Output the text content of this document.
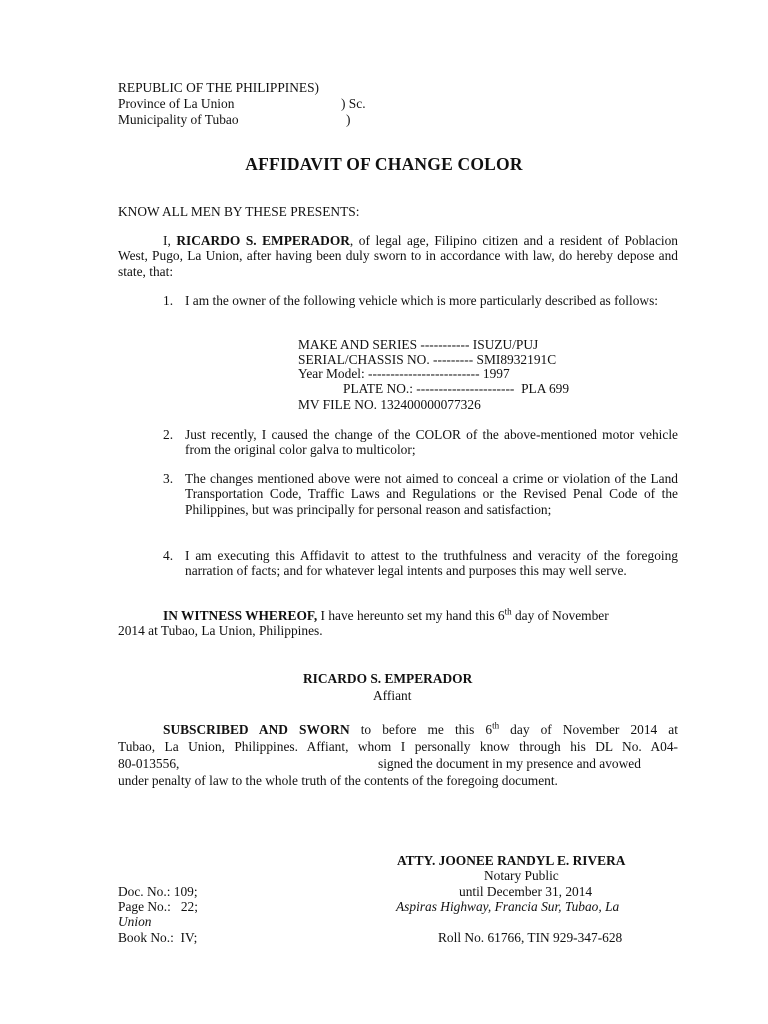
REPUBLIC OF THE PHILIPPINES)
Province of La Union	) Sc.
Municipality of Tubao	)
AFFIDAVIT OF CHANGE COLOR
KNOW ALL MEN BY THESE PRESENTS:
I, RICARDO S. EMPERADOR, of legal age, Filipino citizen and a resident of Poblacion West, Pugo, La Union, after having been duly sworn to in accordance with law, do hereby depose and state, that:
1. I am the owner of the following vehicle which is more particularly described as follows:
MAKE AND SERIES ----------- ISUZU/PUJ
SERIAL/CHASSIS NO. --------- SMI8932191C
Year Model: ------------------------- 1997
PLATE NO.: ----------------------  PLA 699
MV FILE NO. 132400000077326
2. Just recently, I caused the change of the COLOR of the above-mentioned motor vehicle from the original color galva to multicolor;
3. The changes mentioned above were not aimed to conceal a crime or violation of the Land Transportation Code, Traffic Laws and Regulations or the Revised Penal Code of the Philippines, but was principally for personal reason and satisfaction;
4. I am executing this Affidavit to attest to the truthfulness and veracity of the foregoing narration of facts; and for whatever legal intents and purposes this may well serve.
IN WITNESS WHEREOF, I have hereunto set my hand this 6th day of November
2014 at Tubao, La Union, Philippines.
RICARDO S. EMPERADOR
Affiant
SUBSCRIBED AND SWORN to before me this 6th day of November 2014 at
Tubao, La Union, Philippines. Affiant, whom I personally know through his DL No. A04-
80-013556,	signed the document in my presence and avowed
under penalty of law to the whole truth of the contents of the foregoing document.
ATTY. JOONEE RANDYL E. RIVERA
Notary Public
until December 31, 2014
Aspiras Highway, Francia Sur, Tubao, La
Union
Roll No. 61766, TIN 929-347-628
Doc. No.: 109;
Page No.:   22;
Book No.:  IV;
